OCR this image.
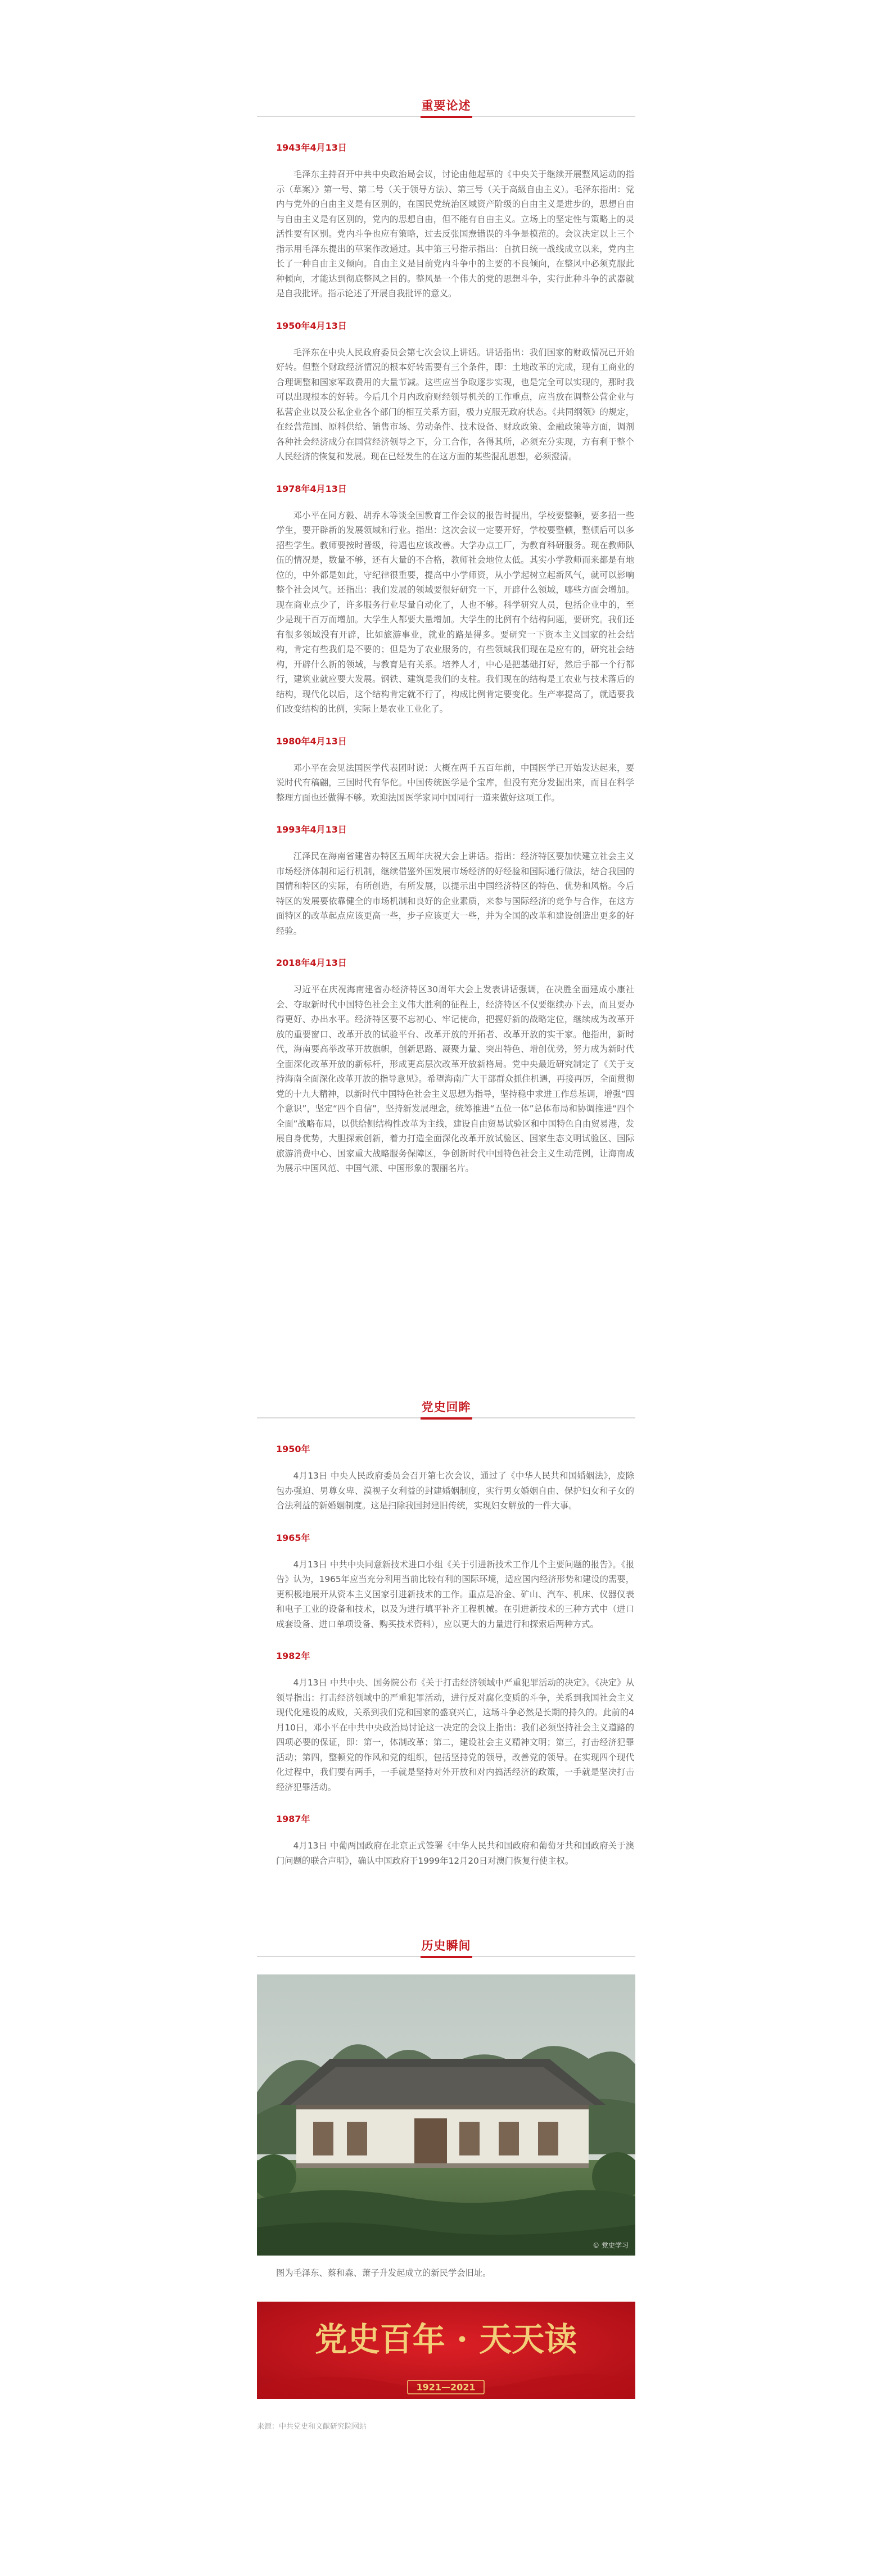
重要论述
1943年4月13日

毛泽东主持召开中共中央政治局会议，讨论由他起草的《中央关于继续开展整风运动的指示（草案）》第一号、第二号（关于领导方法）、第三号（关于高級自由主义）。毛泽东指出：党内与党外的自由主义是有区别的，在国民党统治区域资产阶级的自由主义是进步的，思想自由与自由主义是有区别的，党内的思想自由，但不能有自由主义。立场上的坚定性与策略上的灵活性要有区别。党内斗争也应有策略，过去反张国焘错误的斗争是模范的。会议决定以上三个指示用毛泽东提出的草案作改通过。其中第三号指示指出：自抗日统一战线成立以来，党内主长了一种自由主义倾向。自由主义是目前党内斗争中的主要的不良倾向，在整风中必须克服此种倾向，才能达到彻底整风之目的。整风是一个伟大的党的思想斗争，实行此种斗争的武器就是自我批评。指示论述了开展自我批评的意义。

1950年4月13日

毛泽东在中央人民政府委员会第七次会议上讲话。讲话指出：我们国家的财政情况已开始好转。但整个财政经济情况的根本好转需要有三个条件，即：土地改革的完成，现有工商业的合理调整和国家军政费用的大量节减。这些应当争取逐步实现，也是完全可以实现的，那时我可以出现根本的好转。今后几个月内政府财经领导机关的工作重点，应当放在调整公营企业与私营企业以及公私企业各个部门的相互关系方面，极力克服无政府状态。《共同纲领》的规定，在经营范围、原料供给、销售市场、劳动条件、技术设备、财政政策、金融政策等方面，调剂各种社会经济成分在国营经济领导之下，分工合作，各得其所，必须充分实现，方有利于整个人民经济的恢复和发展。现在已经发生的在这方面的某些混乱思想，必须澄清。

1978年4月13日

邓小平在同方毅、胡乔木等谈全国教育工作会议的报告时提出，学校要整顿，要多招一些学生，要开辟新的发展领域和行业。指出：这次会议一定要开好，学校要整顿，整顿后可以多招些学生。教师要按时晋级，待遇也应该改善。大学办点工厂，为教育科研服务。现在教师队伍的情况是，数量不够，还有大量的不合格，教师社会地位太低。其实小学教师而来都是有地位的，中外都是如此，守纪律很重要，提高中小学师资，从小学起树立起新风气，就可以影响整个社会风气。还指出：我们发展的领域要很好研究一下，开辟什么领域，哪些方面会增加。现在商业点少了，许多服务行业尽量自动化了，人也不够。科学研究人员，包括企业中的，至少是现干百万而增加。大学生人都要大量增加。大学生的比例有个结构问题，要研究。我们还有很多领域没有开辟，比如旅游事业，就业的路是得多。要研究一下资本主义国家的社会结构，肯定有些我们是不要的；但是为了农业服务的，有些领域我们现在是应有的，研究社会结构，开辟什么新的领域，与教育是有关系。培养人才，中心是把基础打好，然后手都一个行都行，建筑业就应要大发展。钢铁、建筑是我们的支柱。我们现在的结构是工农业与技术落后的结构，现代化以后，这个结构肯定就不行了，构成比例肯定要变化。生产率提高了，就适要我们改变结构的比例，实际上是农业工业化了。

1980年4月13日

邓小平在会见法国医学代表团时说：大概在两千五百年前，中国医学已开始发达起来，要说时代有稿翩，三国时代有华佗。中国传统医学是个宝库，但没有充分发掘出来，而目在科学整理方面也还做得不够。欢迎法国医学家同中国同行一道来做好这项工作。

1993年4月13日

江泽民在海南省建省办特区五周年庆祝大会上讲话。指出：经济特区要加快建立社会主义市场经济体制和运行机制，继续借鉴外国发展市场经济的好经验和国际通行做法，结合我国的国情和特区的实际，有所创造，有所发展，以提示出中国经济特区的特色、优势和风格。今后特区的发展要依靠健全的市场机制和良好的企业素质，来参与国际经济的竞争与合作，在这方面特区的改革起点应该更高一些，步子应该更大一些，并为全国的改革和建设创造出更多的好经验。

2018年4月13日

习近平在庆祝海南建省办经济特区30周年大会上发表讲话强调，在决胜全面建成小康社会、夺取新时代中国特色社会主义伟大胜利的征程上，经济特区不仅要继续办下去，而且要办得更好、办出水平。经济特区要不忘初心、牢记使命，把握好新的战略定位，继续成为改革开放的重要窗口、改革开放的试验平台、改革开放的开拓者、改革开放的实干家。他指出，新时代，海南要高举改革开放旗帜，创新思路、凝聚力量、突出特色、增创优势，努力成为新时代全面深化改革开放的新标杆，形成更高层次改革开放新格局。党中央最近研究制定了《关于支持海南全面深化改革开放的指导意见》。希望海南广大干部群众抓住机遇，再接再厉，全面贯彻党的十九大精神，以新时代中国特色社会主义思想为指导，坚持稳中求进工作总基调，增强“四个意识”，坚定“四个自信”，坚持新发展理念，统筹推进“五位一体”总体布局和协调推进“四个全面”战略布局，以供给侧结构性改革为主线，建设自由贸易试验区和中国特色自由贸易港，发展自身优势，大胆探索创新，着力打造全面深化改革开放试验区、国家生态文明试验区、国际旅游消费中心、国家重大战略服务保障区，争创新时代中国特色社会主义生动范例，让海南成为展示中国风范、中国气派、中国形象的靓丽名片。

党史回眸
1950年

4月13日 中央人民政府委员会召开第七次会议，通过了《中华人民共和国婚姻法》，废除包办强迫、男尊女卑、漠视子女利益的封建婚姻制度，实行男女婚姻自由、保护妇女和子女的合法利益的新婚姻制度。这是扫除我国封建旧传统，实现妇女解放的一件大事。

1965年

4月13日 中共中央同意新技术进口小组《关于引进新技术工作几个主要问题的报告》。《报告》认为，1965年应当充分利用当前比较有利的国际环境，适应国内经济形势和建设的需要，更积极地展开从资本主义国家引进新技术的工作。重点是冶金、矿山、汽车、机床、仪器仪表和电子工业的设备和技术，以及为进行填平补齐工程机械。在引进新技术的三种方式中（进口成套设备、进口单项设备、购买技术资料），应以更大的力量进行和探索后两种方式。

1982年

4月13日 中共中央、国务院公布《关于打击经济领域中严重犯罪活动的决定》。《决定》从领导指出：打击经济领域中的严重犯罪活动，进行反对腐化变质的斗争，关系到我国社会主义现代化建设的成败，关系到我们党和国家的盛衰兴亡，这场斗争必然是长期的持久的。此前的4月10日，邓小平在中共中央政治局讨论这一决定的会议上指出：我们必须坚持社会主义道路的四项必要的保证，即：第一，体制改革；第二，建设社会主义精神文明；第三，打击经济犯罪活动；第四，整顿党的作风和党的组织，包括坚持党的领导，改善党的领导。在实现四个现代化过程中，我们要有两手，一手就是坚持对外开放和对内搞活经济的政策，一手就是坚决打击经济犯罪活动。

1987年

4月13日 中葡两国政府在北京正式签署《中华人民共和国政府和葡萄牙共和国政府关于澳门问题的联合声明》，确认中国政府于1999年12月20日对澳门恢复行使主权。

历史瞬间
© 党史学习
图为毛泽东、蔡和森、萧子升发起成立的新民学会旧址。
党史百年 · 天天读
1921—2021
来源：中共党史和文献研究院网站
